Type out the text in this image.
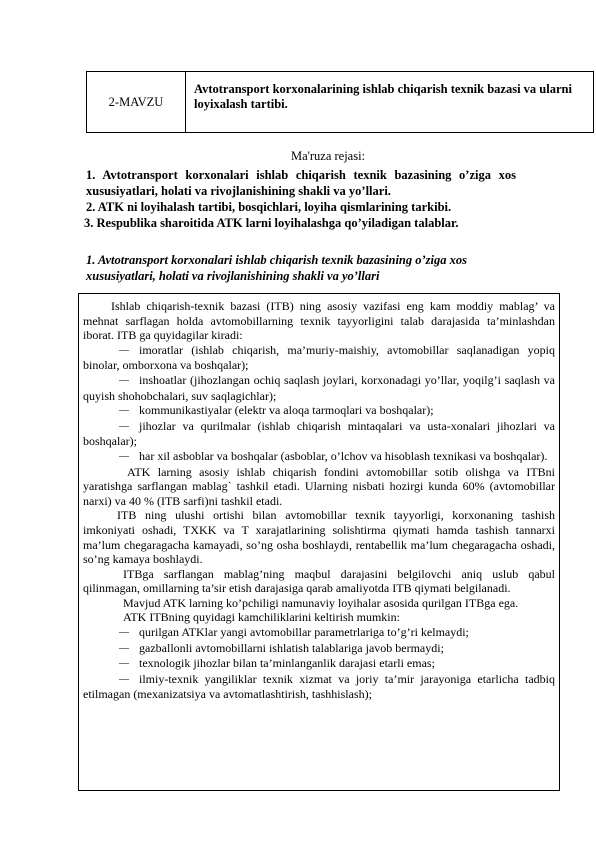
2-MAVZU
Avtotransport korxonalarining ishlab chiqarish texnik bazasi va ularni loyixalash tartibi.
Ma'ruza rejasi:

1. Avtotransport korxonalari ishlab chiqarish texnik bazasining o’ziga xos xususiyatlari, holati va rivojlanishining shakli va yo’llari.

2. ATK ni loyihalash tartibi, bosqichlari, loyiha qismlarining tarkibi.

3. Respublika sharoitida ATK larni loyihalashga qo’yiladigan talablar.

1. Avtotransport korxonalari ishlab chiqarish texnik bazasining o’ziga xos xususiyatlari, holati va rivojlanishining shakli va yo’llari

Ishlab chiqarish-texnik bazasi (ITB) ning asosiy vazifasi eng kam moddiy mablag’ va mehnat sarflagan holda avtomobillarning texnik tayyorligini talab darajasida ta’minlashdan iborat. ITB ga quyidagilar kiradi:

— imoratlar (ishlab chiqarish, ma’muriy-maishiy, avtomobillar saqlanadigan yopiq binolar, omborxona va boshqalar);

— inshoatlar (jihozlangan ochiq saqlash joylari, korxonadagi yo’llar, yoqilg’i saqlash va quyish shohobchalari, suv saqlagichlar);

— kommunikastiyalar (elektr va aloqa tarmoqlari va boshqalar);

— jihozlar va qurilmalar (ishlab chiqarish mintaqalari va usta-xonalari jihozlari va boshqalar);

— har xil asboblar va boshqalar (asboblar, o’lchov va hisoblash texnikasi va boshqalar).

ATK larning asosiy ishlab chiqarish fondini avtomobillar sotib olishga va ITBni yaratishga sarflangan mablag` tashkil etadi. Ularning nisbati hozirgi kunda 60% (avtomobillar narxi) va 40 % (ITB sarfi)ni tashkil etadi.

ITB ning ulushi ortishi bilan avtomobillar texnik tayyorligi, korxonaning tashish imkoniyati oshadi, TXKK va T xarajatlarining solishtirma qiymati hamda tashish tannarxi ma’lum chegaragacha kamayadi, so’ng osha boshlaydi, rentabellik ma’lum chegaragacha oshadi, so’ng kamaya boshlaydi.

ITBga sarflangan mablag’ning maqbul darajasini belgilovchi aniq uslub qabul qilinmagan, omillarning ta’sir etish darajasiga qarab amaliyotda ITB qiymati belgilanadi.

Mavjud ATK larning ko’pchiligi namunaviy loyihalar asosida qurilgan ITBga ega.

ATK ITBning quyidagi kamchiliklarini keltirish mumkin:

— qurilgan ATKlar yangi avtomobillar parametrlariga to’g’ri kelmaydi;

— gazballonli avtomobillarni ishlatish talablariga javob bermaydi;

— texnologik jihozlar bilan ta’minlanganlik darajasi etarli emas;

— ilmiy-texnik yangiliklar texnik xizmat va joriy ta’mir jarayoniga etarlicha tadbiq etilmagan (mexanizatsiya va avtomatlashtirish, tashhislash);
